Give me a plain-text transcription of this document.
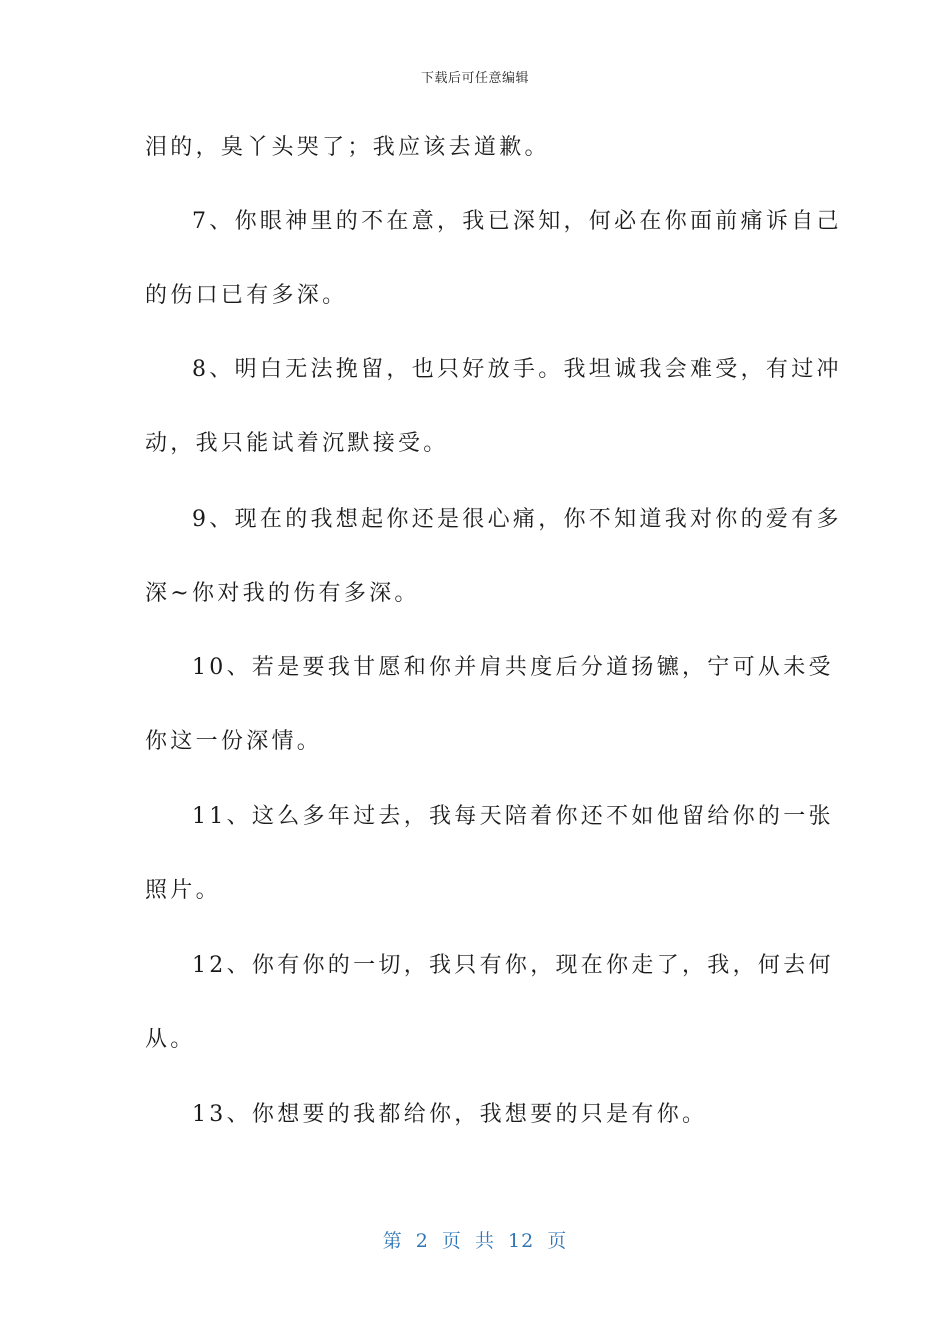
下载后可任意编辑
泪的，臭丫头哭了；我应该去道歉。
7、你眼神里的不在意，我已深知，何必在你面前痛诉自己
的伤口已有多深。
8、明白无法挽留，也只好放手。我坦诚我会难受，有过冲
动，我只能试着沉默接受。
9、现在的我想起你还是很心痛，你不知道我对你的爱有多
深~你对我的伤有多深。
10、若是要我甘愿和你并肩共度后分道扬镳，宁可从未受
你这一份深情。
11、这么多年过去，我每天陪着你还不如他留给你的一张
照片。
12、你有你的一切，我只有你，现在你走了，我，何去何
从。
13、你想要的我都给你，我想要的只是有你。
第 2 页 共 12 页
